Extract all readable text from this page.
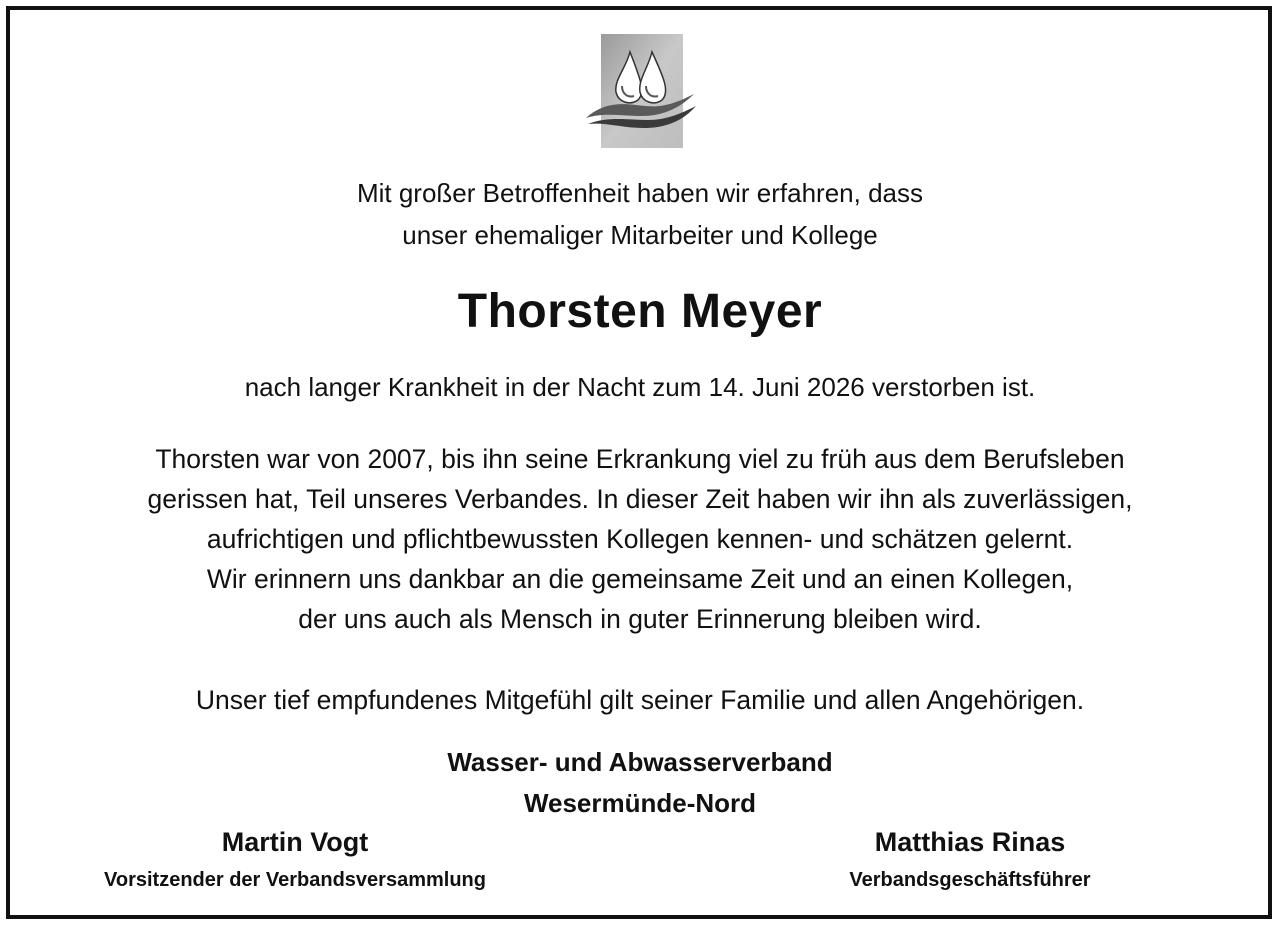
Mit großer Betroffenheit haben wir erfahren, dass
unser ehemaliger Mitarbeiter und Kollege
Thorsten Meyer

nach langer Krankheit in der Nacht zum 14. Juni 2026 verstorben ist.

Thorsten war von 2007, bis ihn seine Erkrankung viel zu früh aus dem Berufsleben
gerissen hat, Teil unseres Verbandes. In dieser Zeit haben wir ihn als zuverlässigen,
aufrichtigen und pflichtbewussten Kollegen kennen- und schätzen gelernt.
Wir erinnern uns dankbar an die gemeinsame Zeit und an einen Kollegen,
der uns auch als Mensch in guter Erinnerung bleiben wird.

Unser tief empfundenes Mitgefühl gilt seiner Familie und allen Angehörigen.

Wasser- und Abwasserverband
Wesermünde-Nord
Martin Vogt
Vorsitzender der Verbandsversammlung
Matthias Rinas
Verbandsgeschäftsführer
